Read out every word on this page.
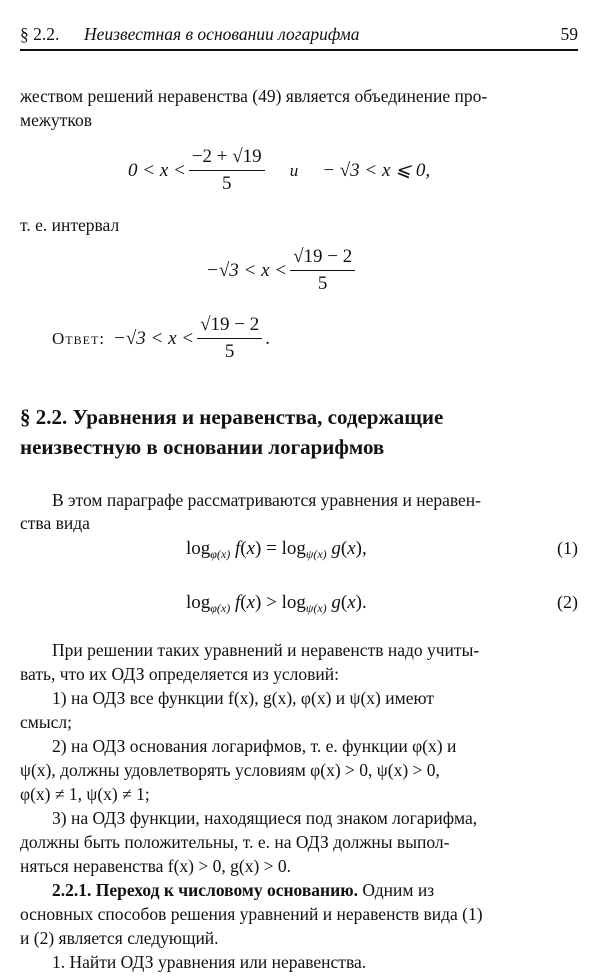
§ 2.2. Неизвестная в основании логарифма	59
жеством решений неравенства (49) является объединение про-
межутков
$0 < x < \frac{-2 + √19}{5}$ и − √3 < x ⩽ 0,
т. е. интервал
$-√3 < x < \frac{√19 - 2}{5}$
Ответ: $-√3 < x < \frac{√19 - 2}{5}$ .
§ 2.2. Уравнения и неравенства, содержащие
неизвестную в основании логарифмов
В этом параграфе рассматриваются уравнения и неравен-
ства вида
$\log_{\varphi(x)} f(x) = \log_{\psi(x)} g(x)$,	(1)
$\log_{\varphi(x)} f(x) > \log_{\psi(x)} g(x)$.	(2)
При решении таких уравнений и неравенств надо учиты-
вать, что их ОДЗ определяется из условий:
1) на ОДЗ все функции f(x), g(x), φ(x) и ψ(x) имеют
смысл;
2) на ОДЗ основания логарифмов, т. е. функции φ(x) и
ψ(x), должны удовлетворять условиям φ(x) > 0, ψ(x) > 0,
φ(x) ≠ 1, ψ(x) ≠ 1;
3) на ОДЗ функции, находящиеся под знаком логарифма,
должны быть положительны, т. е. на ОДЗ должны выпол-
няться неравенства f(x) > 0, g(x) > 0.
2.2.1. Переход к числовому основанию. Одним из
основных способов решения уравнений и неравенств вида (1)
и (2) является следующий.
1. Найти ОДЗ уравнения или неравенства.
